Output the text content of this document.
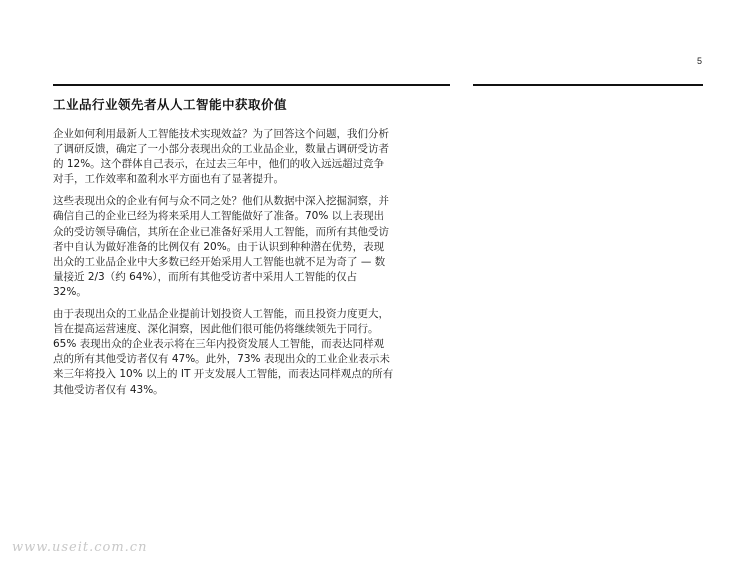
5
工业品行业领先者从人工智能中获取价值
企业如何利用最新人工智能技术实现效益？为了回答这个问题，我们分析
了调研反馈，确定了一小部分表现出众的工业品企业，数量占调研受访者
的 12%。这个群体自己表示，在过去三年中，他们的收入远远超过竞争
对手，工作效率和盈利水平方面也有了显著提升。
这些表现出众的企业有何与众不同之处？他们从数据中深入挖掘洞察，并
确信自己的企业已经为将来采用人工智能做好了准备。70% 以上表现出
众的受访领导确信，其所在企业已准备好采用人工智能，而所有其他受访
者中自认为做好准备的比例仅有 20%。由于认识到种种潜在优势，表现
出众的工业品企业中大多数已经开始采用人工智能也就不足为奇了 — 数
量接近 2/3（约 64%），而所有其他受访者中采用人工智能的仅占
32%。
由于表现出众的工业品企业提前计划投资人工智能，而且投资力度更大，
旨在提高运营速度、深化洞察，因此他们很可能仍将继续领先于同行。
65% 表现出众的企业表示将在三年内投资发展人工智能，而表达同样观
点的所有其他受访者仅有 47%。此外，73% 表现出众的工业企业表示未
来三年将投入 10% 以上的 IT 开支发展人工智能，而表达同样观点的所有
其他受访者仅有 43%。
www.useit.com.cn
